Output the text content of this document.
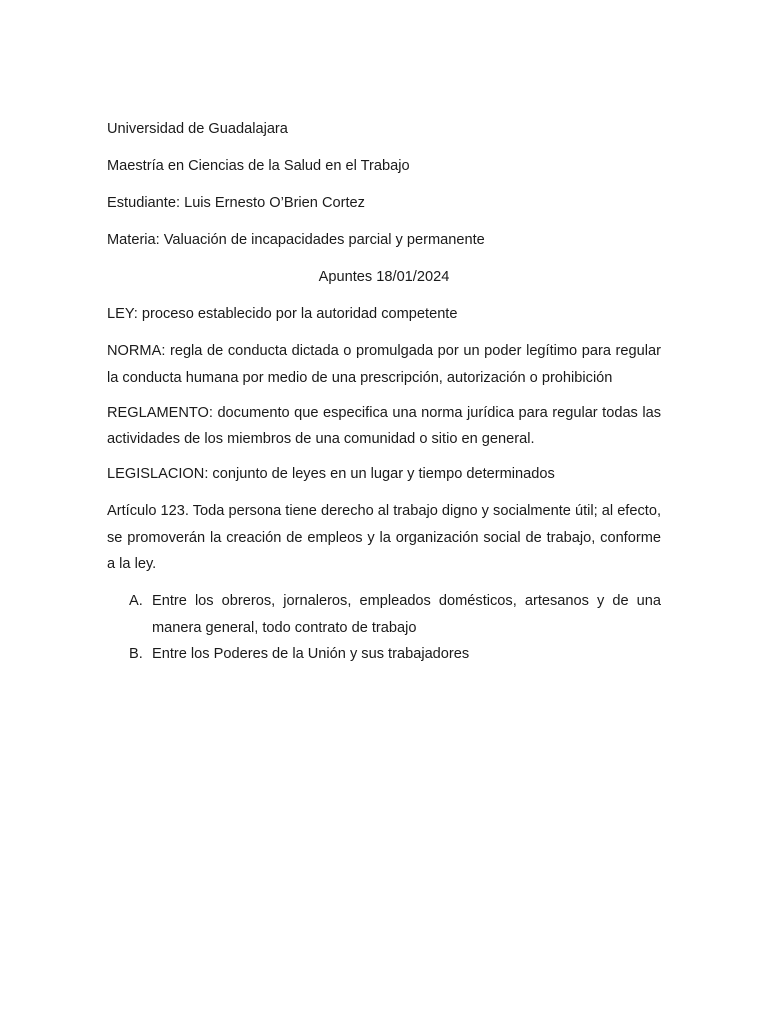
Universidad de Guadalajara

Maestría en Ciencias de la Salud en el Trabajo

Estudiante: Luis Ernesto O’Brien Cortez

Materia: Valuación de incapacidades parcial y permanente

Apuntes 18/01/2024

LEY: proceso establecido por la autoridad competente

NORMA: regla de conducta dictada o promulgada por un poder legítimo para regular la conducta humana por medio de una prescripción, autorización o prohibición

REGLAMENTO: documento que especifica una norma jurídica para regular todas las actividades de los miembros de una comunidad o sitio en general.

LEGISLACION: conjunto de leyes en un lugar y tiempo determinados

Artículo 123. Toda persona tiene derecho al trabajo digno y socialmente útil; al efecto, se promoverán la creación de empleos y la organización social de trabajo, conforme a la ley.

A. Entre los obreros, jornaleros, empleados domésticos, artesanos y de una manera general, todo contrato de trabajo
B. Entre los Poderes de la Unión y sus trabajadores
